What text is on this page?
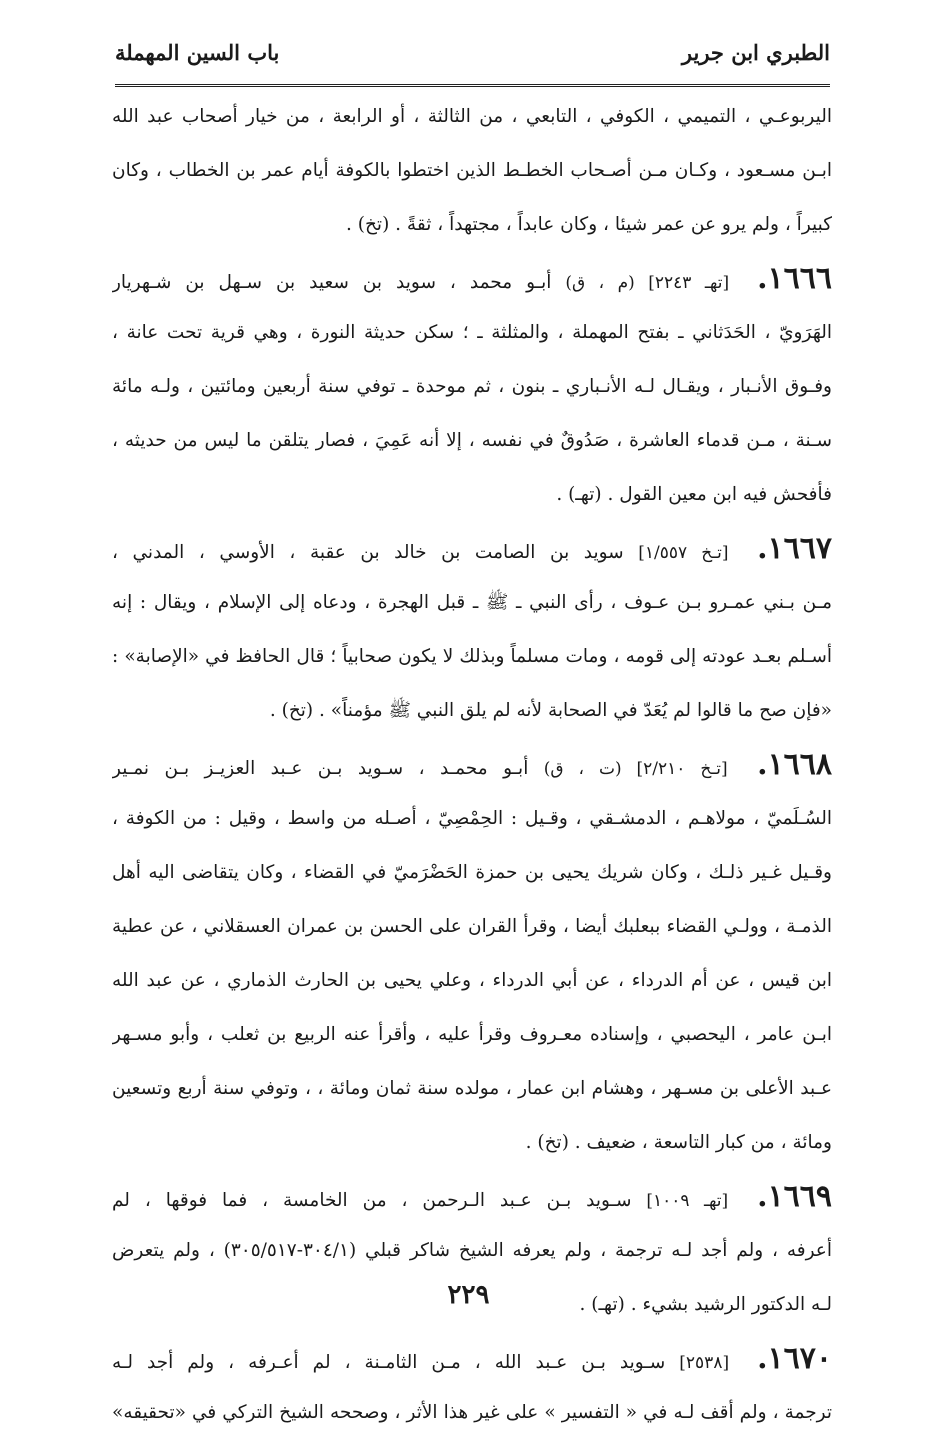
الطبري ابن جرير
باب السين المهملة
اليربوعـي ، التميمي ، الكوفي ، التابعي ، من الثالثة ، أو الرابعة ، من خيار أصحاب عبد الله
ابـن مسـعود ، وكـان مـن أصـحاب الخطـط الذين اختطوا بالكوفة أيام عمر بن الخطاب ، وكان
كبيراً ، ولم يرو عن عمر شيئا ، وكان عابداً ، مجتهداً ، ثقةً . (تخ) .
١٦٦٦. [تهـ ٢٢٤٣] (م ، ق) أبـو محمد ، سويد بن سعيد بن سـهل بن شـهريار
الهَرَويّ ، الحَدَثاني ـ بفتح المهملة ، والمثلثة ـ ؛ سكن حديثة النورة ، وهي قرية تحت عانة ،
وفـوق الأنـبار ، ويقـال لـه الأنـباري ـ بنون ، ثم موحدة ـ توفي سنة أربعين ومائتين ، ولـه مائة
سـنة ، مـن قدماء العاشرة ، صَدُوقٌ في نفسه ، إلا أنه عَمِيَ ، فصار يتلقن ما ليس من حديثه ،
فأفحش فيه ابن معين القول . (تهـ) .
١٦٦٧. [تـخ ١/٥٥٧] سويد بن الصامت بن خالد بن عقبة ، الأوسي ، المدني ،
مـن بـني عمـرو بـن عـوف ، رأى النبي ـ ﷺ ـ قبل الهجرة ، ودعاه إلى الإسلام ، ويقال : إنه
أسـلم بعـد عودته إلى قومه ، ومات مسلماً وبذلك لا يكون صحابياً ؛ قال الحافظ في «الإصابة» :
«فإن صح ما قالوا لم يُعَدّ في الصحابة لأنه لم يلق النبي ﷺ مؤمناً» . (تخ) .
١٦٦٨. [تـخ ٢/٢١٠] (ت ، ق) أبـو محمـد ، سـويد بـن عـبد العزيـز بـن نمـير
السُـلَميّ ، مولاهـم ، الدمشـقي ، وقـيل : الحِمْصِيّ ، أصـله من واسط ، وقيل : من الكوفة ،
وقـيل غـير ذلـك ، وكان شريك يحيى بن حمزة الحَضْرَميّ في القضاء ، وكان يتقاضى اليه أهل
الذمـة ، وولـي القضاء ببعلبك أيضا ، وقرأ القران على الحسن بن عمران العسقلاني ، عن عطية
ابن قيس ، عن أم الدرداء ، عن أبي الدرداء ، وعلي يحيى بن الحارث الذماري ، عن عبد الله
ابـن عامر ، اليحصبي ، وإسناده معـروف وقرأ عليه ، وأقرأ عنه الربيع بن ثعلب ، وأبو مسـهر
عـبد الأعلى بن مسـهر ، وهشام ابن عمار ، مولده سنة ثمان ومائة ، ، وتوفي سنة أربع وتسعين
ومائة ، من كبار التاسعة ، ضعيف . (تخ) .
١٦٦٩. [تهـ ١٠٠٩] سـويد بـن عـبد الـرحمن ، من الخامسة ، فما فوقها ، لم
أعرفه ، ولم أجد لـه ترجمة ، ولم يعرفه الشيخ شاكر قبلي (٣٠٤/١-٣٠٥/٥١٧) ، ولم يتعرض
لـه الدكتور الرشيد بشيء . (تهـ) .
١٦٧٠. [٢٥٣٨] سـويد بـن عـبد الله ، مـن الثامـنة ، لم أعـرفه ، ولم أجد لـه
ترجمة ، ولم أقف لـه في « التفسير » على غير هذا الأثر ، وصححه الشيخ التركي في «تحقيقه»
٢٢٩
